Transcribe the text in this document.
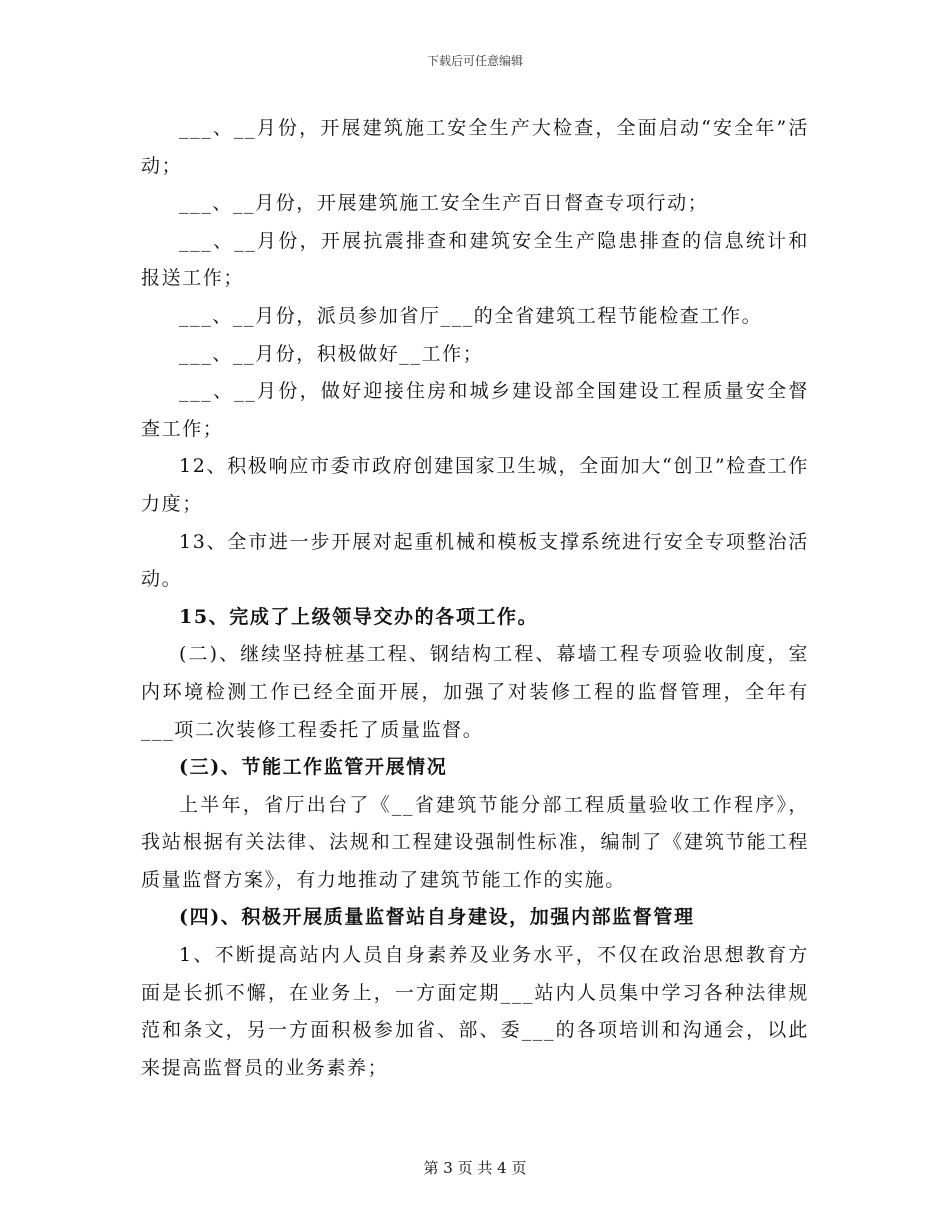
下载后可任意编辑

___、__月份，开展建筑施工安全生产大检查，全面启动“安全年”活动；

___、__月份，开展建筑施工安全生产百日督查专项行动；

___、__月份，开展抗震排查和建筑安全生产隐患排查的信息统计和报送工作；

___、__月份，派员参加省厅___的全省建筑工程节能检查工作。

___、__月份，积极做好__工作；

___、__月份，做好迎接住房和城乡建设部全国建设工程质量安全督查工作；

12、积极响应市委市政府创建国家卫生城，全面加大“创卫”检查工作力度；

13、全市进一步开展对起重机械和模板支撑系统进行安全专项整治活动。

15、完成了上级领导交办的各项工作。

(二)、继续坚持桩基工程、钢结构工程、幕墙工程专项验收制度，室内环境检测工作已经全面开展，加强了对装修工程的监督管理，全年有___项二次装修工程委托了质量监督。

(三)、节能工作监管开展情况

上半年，省厅出台了《__省建筑节能分部工程质量验收工作程序》，我站根据有关法律、法规和工程建设强制性标准，编制了《建筑节能工程质量监督方案》，有力地推动了建筑节能工作的实施。

(四)、积极开展质量监督站自身建设，加强内部监督管理

1、不断提高站内人员自身素养及业务水平，不仅在政治思想教育方面是长抓不懈，在业务上，一方面定期___站内人员集中学习各种法律规范和条文，另一方面积极参加省、部、委___的各项培训和沟通会，以此来提高监督员的业务素养；

第 3 页 共 4 页
